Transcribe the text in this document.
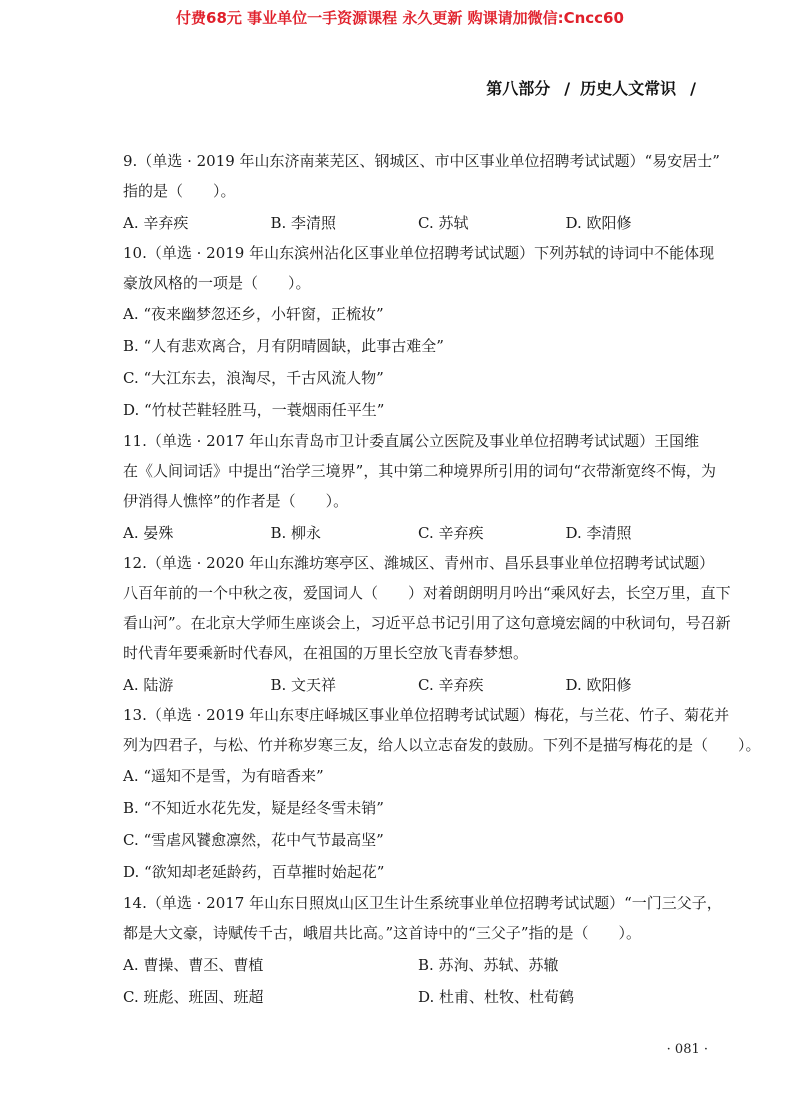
付费68元 事业单位一手资源课程 永久更新 购课请加微信:Cncc60
第八部分 / 历史人文常识 /

9.（单选 · 2019 年山东济南莱芜区、钢城区、市中区事业单位招聘考试试题）“易安居士”

指的是（　　）。

A. 辛弃疾	B. 李清照	C. 苏轼	D. 欧阳修

10.（单选 · 2019 年山东滨州沾化区事业单位招聘考试试题）下列苏轼的诗词中不能体现

豪放风格的一项是（　　）。

A. “夜来幽梦忽还乡，小轩窗，正梳妆”
B. “人有悲欢离合，月有阴晴圆缺，此事古难全”
C. “大江东去，浪淘尽，千古风流人物”
D. “竹杖芒鞋轻胜马，一蓑烟雨任平生”

11.（单选 · 2017 年山东青岛市卫计委直属公立医院及事业单位招聘考试试题）王国维

在《人间词话》中提出“治学三境界”，其中第二种境界所引用的词句“衣带渐宽终不悔，为

伊消得人憔悴”的作者是（　　）。

A. 晏殊	B. 柳永	C. 辛弃疾	D. 李清照

12.（单选 · 2020 年山东潍坊寒亭区、潍城区、青州市、昌乐县事业单位招聘考试试题）

八百年前的一个中秋之夜，爱国词人（　　）对着朗朗明月吟出“乘风好去，长空万里，直下

看山河”。在北京大学师生座谈会上，习近平总书记引用了这句意境宏阔的中秋词句，号召新

时代青年要乘新时代春风，在祖国的万里长空放飞青春梦想。

A. 陆游	B. 文天祥	C. 辛弃疾	D. 欧阳修

13.（单选 · 2019 年山东枣庄峄城区事业单位招聘考试试题）梅花，与兰花、竹子、菊花并

列为四君子，与松、竹并称岁寒三友，给人以立志奋发的鼓励。下列不是描写梅花的是（　　）。

A. “遥知不是雪，为有暗香来”
B. “不知近水花先发，疑是经冬雪未销”
C. “雪虐风饕愈凛然，花中气节最高坚”
D. “欲知却老延龄药，百草摧时始起花”

14.（单选 · 2017 年山东日照岚山区卫生计生系统事业单位招聘考试试题）“一门三父子，

都是大文豪，诗赋传千古，峨眉共比高。”这首诗中的“三父子”指的是（　　）。

A. 曹操、曹丕、曹植	B. 苏洵、苏轼、苏辙
C. 班彪、班固、班超	D. 杜甫、杜牧、杜荀鹤
· 081 ·
